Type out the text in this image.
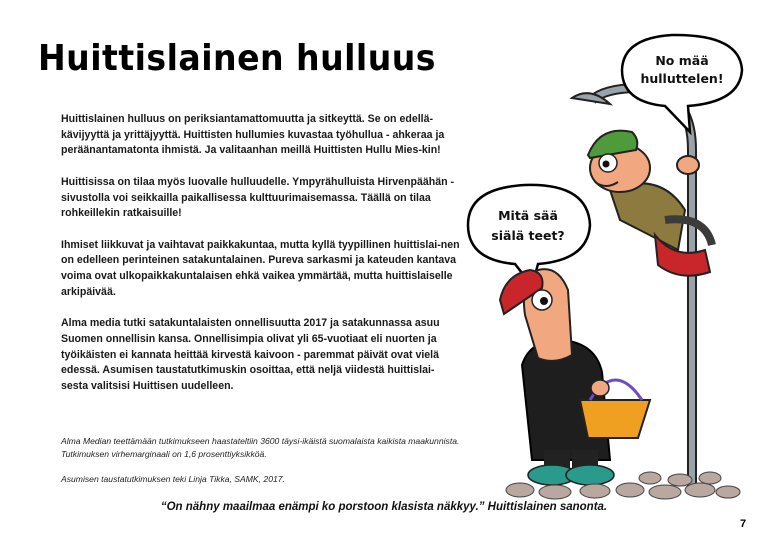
Huittislainen hulluus

Huittislainen hulluus on periksiantamattomuutta ja sitkeyttä. Se on edellä-kävijyyttä ja yrittäjyyttä. Huittisten hullumies kuvastaa työhullua - ahkeraa ja peräänantamatonta ihmistä. Ja valitaanhan meillä Huittisten Hullu Mies-kin!

Huittisissa on tilaa myös luovalle hulluudelle. Ympyrähulluista Hirvenpäähän - sivustolla voi seikkailla paikallisessa kulttuurimaisemassa. Täällä on tilaa rohkeillekin ratkaisuille!

Ihmiset liikkuvat ja vaihtavat paikkakuntaa, mutta kyllä tyypillinen huittislai-nen on edelleen perinteinen satakuntalainen. Pureva sarkasmi ja kateuden kantava voima ovat ulkopaikkakuntalaisen ehkä vaikea ymmärtää, mutta huittislaiselle arkipäivää.

Alma media tutki satakuntalaisten onnellisuutta 2017 ja satakunnassa asuu Suomen onnellisin kansa. Onnellisimpia olivat yli 65-vuotiaat eli nuorten ja työikäisten ei kannata heittää kirvestä kaivoon - paremmat päivät ovat vielä edessä. Asumisen taustatutkimuskin osoittaa, että neljä viidestä huittislai-sesta valitsisi Huittisen uudelleen.

Alma Median teettämään tutkimukseen haastateltiin 3600 täysi-ikäistä suomalaista kaikista maakunnista. Tutkimuksen virhemarginaali on 1,6 prosenttiyksikköä.

Asumisen taustatutkimuksen teki Linja Tikka, SAMK, 2017.

“On nähny maailmaa enämpi ko porstoon klasista näkkyy.” Huittislainen sanonta.
7
No mää
hulluttelen!
Mitä sää
siälä teet?
